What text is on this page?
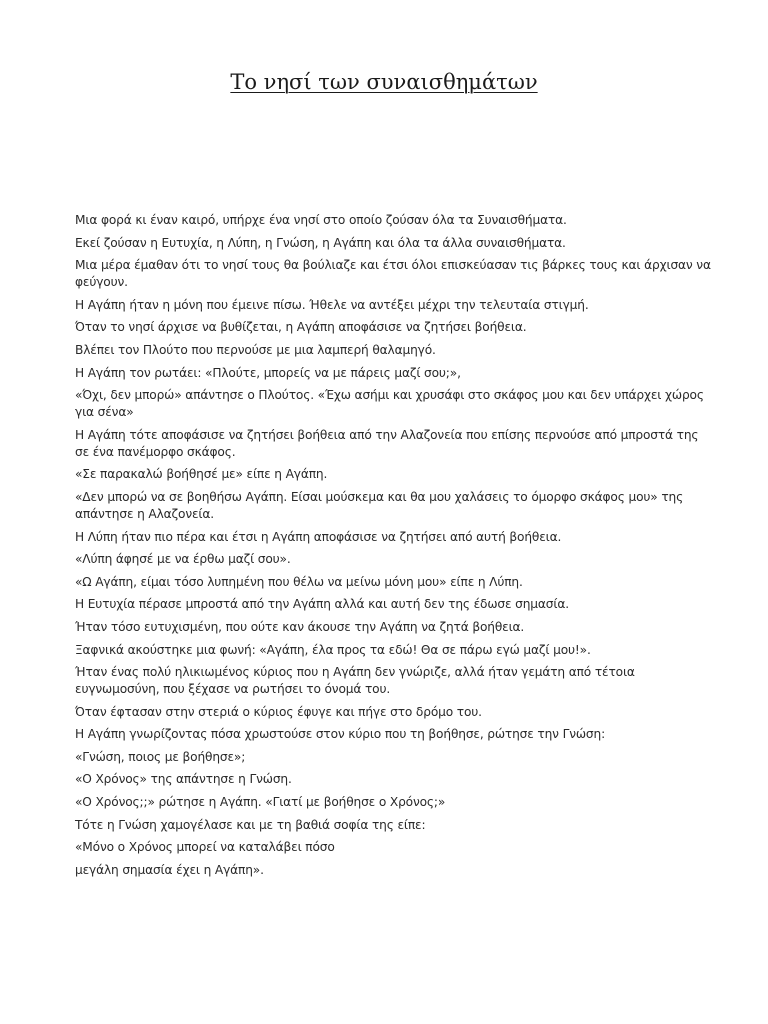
Το νησί των συναισθημάτων

Μια φορά κι έναν καιρό, υπήρχε ένα νησί στο οποίο ζούσαν όλα τα Συναισθήματα.

Εκεί ζούσαν η Ευτυχία, η Λύπη, η Γνώση, η Αγάπη και όλα τα άλλα συναισθήματα.

Μια μέρα έμαθαν ότι το νησί τους θα βούλιαζε και έτσι όλοι επισκεύασαν τις βάρκες τους και άρχισαν να φεύγουν.

Η Αγάπη ήταν η μόνη που έμεινε πίσω. Ήθελε να αντέξει μέχρι την τελευταία στιγμή.

Όταν το νησί άρχισε να βυθίζεται, η Αγάπη αποφάσισε να ζητήσει βοήθεια.

Βλέπει τον Πλούτο που περνούσε με μια λαμπερή θαλαμηγό.

Η Αγάπη τον ρωτάει: «Πλούτε, μπορείς να με πάρεις μαζί σου;»,

«Όχι, δεν μπορώ» απάντησε ο Πλούτος. «Έχω ασήμι και χρυσάφι στο σκάφος μου και δεν υπάρχει χώρος για σένα»

Η Αγάπη τότε αποφάσισε να ζητήσει βοήθεια από την Αλαζονεία που επίσης περνούσε από μπροστά της σε ένα πανέμορφο σκάφος.

«Σε παρακαλώ βοήθησέ με» είπε η Αγάπη.

«Δεν μπορώ να σε βοηθήσω Αγάπη. Είσαι μούσκεμα και θα μου χαλάσεις το όμορφο σκάφος μου» της απάντησε η Αλαζονεία.

Η Λύπη ήταν πιο πέρα και έτσι η Αγάπη αποφάσισε να ζητήσει από αυτή βοήθεια.

«Λύπη άφησέ με να έρθω μαζί σου».

«Ω Αγάπη, είμαι τόσο λυπημένη που θέλω να μείνω μόνη μου» είπε η Λύπη.

Η Ευτυχία πέρασε μπροστά από την Αγάπη αλλά και αυτή δεν της έδωσε σημασία.

Ήταν τόσο ευτυχισμένη, που ούτε καν άκουσε την Αγάπη να ζητά βοήθεια.

Ξαφνικά ακούστηκε μια φωνή: «Αγάπη, έλα προς τα εδώ! Θα σε πάρω εγώ μαζί μου!».

Ήταν ένας πολύ ηλικιωμένος κύριος που η Αγάπη δεν γνώριζε, αλλά ήταν γεμάτη από τέτοια ευγνωμοσύνη, που ξέχασε να ρωτήσει το όνομά του.

Όταν έφτασαν στην στεριά ο κύριος έφυγε και πήγε στο δρόμο του.

Η Αγάπη γνωρίζοντας πόσα χρωστούσε στον κύριο που τη βοήθησε, ρώτησε την Γνώση:

«Γνώση, ποιος με βοήθησε»;

«Ο Χρόνος» της απάντησε η Γνώση.

«Ο Χρόνος;;» ρώτησε η Αγάπη. «Γιατί με βοήθησε ο Χρόνος;»

Τότε η Γνώση χαμογέλασε και με τη βαθιά σοφία της είπε:

«Μόνο ο Χρόνος μπορεί να καταλάβει πόσο

μεγάλη σημασία έχει η Αγάπη».
